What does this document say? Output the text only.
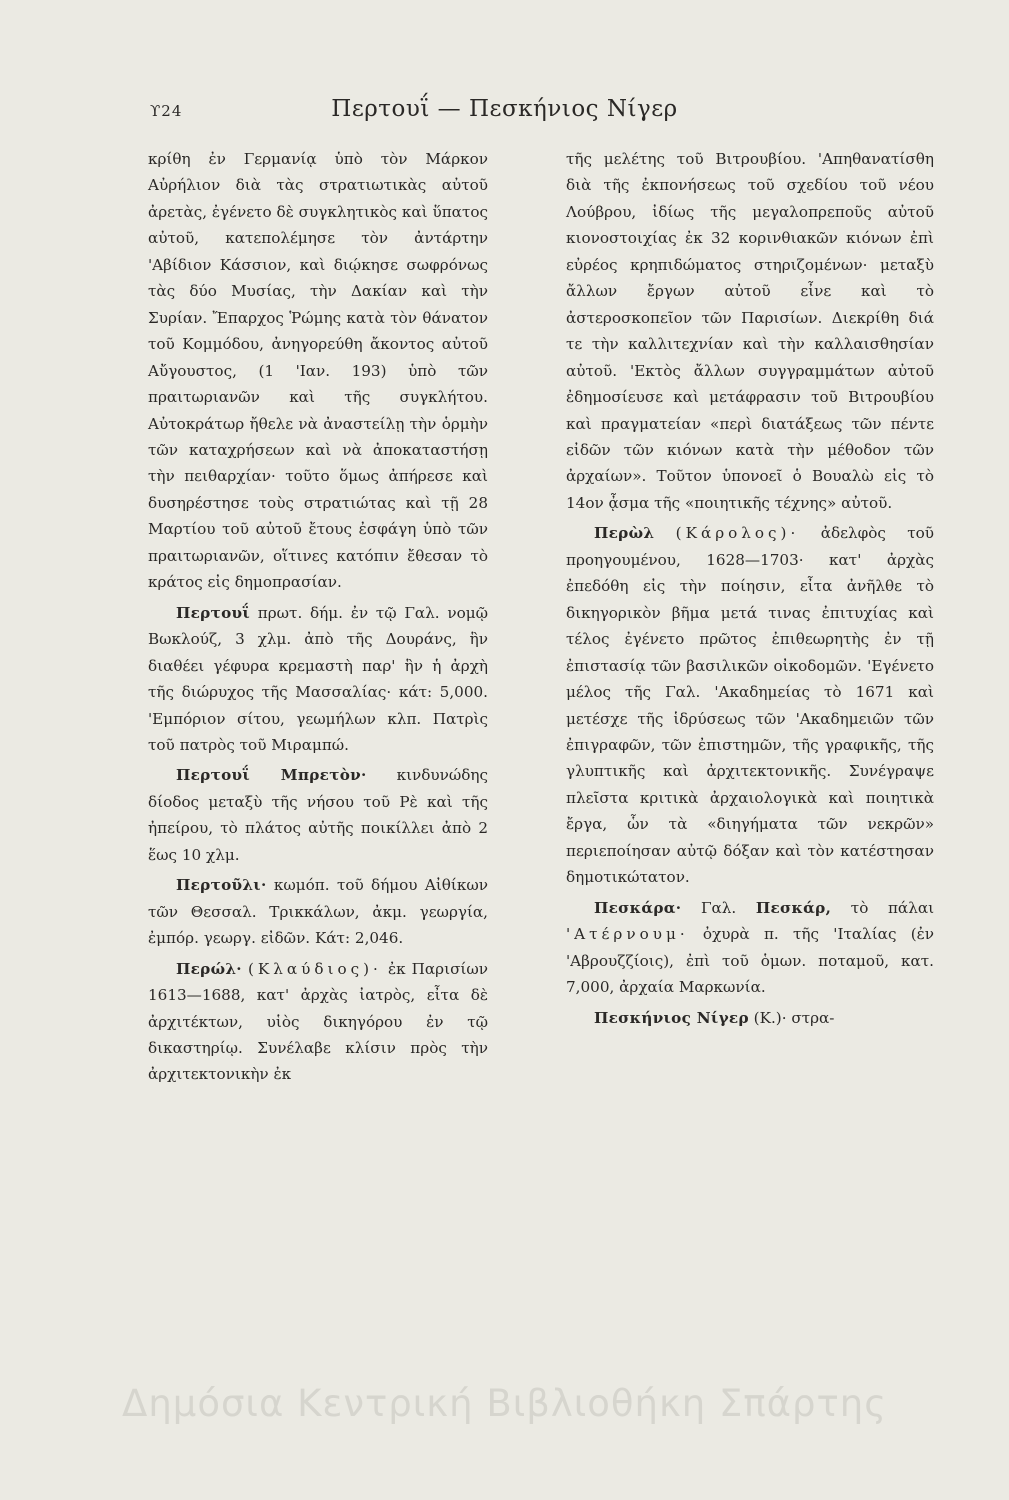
ϒ24	Περτουΐ — Πεσκήνιος Νίγερ

κρίθη ἐν Γερμανίᾳ ὑπὸ τὸν Μάρκον Αὐρήλιον διὰ τὰς στρατιωτικὰς αὐτοῦ ἀρετὰς, ἐγένετο δὲ συγκλητικὸς καὶ ὕπατος αὐτοῦ, κατεπολέμησε τὸν ἀντάρτην 'Αβίδιον Κάσσιον, καὶ διῴκησε σωφρόνως τὰς δύο Μυσίας, τὴν Δακίαν καὶ τὴν Συρίαν. Ἔπαρχος Ῥώμης κατὰ τὸν θάνατον τοῦ Κομμόδου, ἀνηγορεύθη ἄκοντος αὐτοῦ Αὔγουστος, (1 'Ιαν. 193) ὑπὸ τῶν πραιτωριανῶν καὶ τῆς συγκλήτου. Αὐτοκράτωρ ἤθελε νὰ ἀναστείλῃ τὴν ὁρμὴν τῶν καταχρήσεων καὶ νὰ ἀποκαταστήσῃ τὴν πειθαρχίαν· τοῦτο ὅμως ἀπήρεσε καὶ δυσηρέστησε τοὺς στρατιώτας καὶ τῇ 28 Μαρτίου τοῦ αὐτοῦ ἔτους ἐσφάγη ὑπὸ τῶν πραιτωριανῶν, οἵτινες κατόπιν ἔθεσαν τὸ κράτος εἰς δημοπρασίαν.

Περτουΐ πρωτ. δήμ. ἐν τῷ Γαλ. νομῷ Βωκλούζ, 3 χλμ. ἀπὸ τῆς Δουράνς, ἣν διαθέει γέφυρα κρεμαστὴ παρ' ἣν ἡ ἀρχὴ τῆς διώρυχος τῆς Μασσαλίας· κάτ: 5,000. 'Εμπόριον σίτου, γεωμήλων κλπ. Πατρὶς τοῦ πατρὸς τοῦ Μιραμπώ.

Περτουΐ Μπρετὸν· κινδυνώδης δίοδος μεταξὺ τῆς νήσου τοῦ Ρὲ καὶ τῆς ἠπείρου, τὸ πλάτος αὐτῆς ποικίλλει ἀπὸ 2 ἕως 10 χλμ.

Περτοῦλι· κωμόπ. τοῦ δήμου Αἰθίκων τῶν Θεσσαλ. Τρικκάλων, ἀκμ. γεωργία, ἐμπόρ. γεωργ. εἰδῶν. Κάτ: 2,046.

Περώλ· (Κλαύδιος)· ἐκ Παρισίων 1613—1688, κατ' ἀρχὰς ἰατρὸς, εἶτα δὲ ἀρχιτέκτων, υἱὸς δικηγόρου ἐν τῷ δικαστηρίῳ. Συνέλαβε κλίσιν πρὸς τὴν ἀρχιτεκτονικὴν ἐκ

τῆς μελέτης τοῦ Βιτρουβίου. 'Απηθανατίσθη διὰ τῆς ἐκπονήσεως τοῦ σχεδίου τοῦ νέου Λούβρου, ἰδίως τῆς μεγαλοπρεποῦς αὐτοῦ κιονοστοιχίας ἐκ 32 κορινθιακῶν κιόνων ἐπὶ εὐρέος κρηπιδώματος στηριζομένων· μεταξὺ ἄλλων ἔργων αὐτοῦ εἶνε καὶ τὸ ἀστεροσκοπεῖον τῶν Παρισίων. Διεκρίθη διά τε τὴν καλλιτεχνίαν καὶ τὴν καλλαισθησίαν αὐτοῦ. 'Εκτὸς ἄλλων συγγραμμάτων αὐτοῦ ἐδημοσίευσε καὶ μετάφρασιν τοῦ Βιτρουβίου καὶ πραγματείαν «περὶ διατάξεως τῶν πέντε εἰδῶν τῶν κιόνων κατὰ τὴν μέθοδον τῶν ἀρχαίων». Τοῦτον ὑπονοεῖ ὁ Βουαλὼ εἰς τὸ 14ον ᾆσμα τῆς «ποιητικῆς τέχνης» αὐτοῦ.

Περὼλ (Κάρολος)· ἀδελφὸς τοῦ προηγουμένου, 1628—1703· κατ' ἀρχὰς ἐπεδόθη εἰς τὴν ποίησιν, εἶτα ἀνῆλθε τὸ δικηγορικὸν βῆμα μετά τινας ἐπιτυχίας καὶ τέλος ἐγένετο πρῶτος ἐπιθεωρητὴς ἐν τῇ ἐπιστασίᾳ τῶν βασιλικῶν οἰκοδομῶν. 'Εγένετο μέλος τῆς Γαλ. 'Ακαδημείας τὸ 1671 καὶ μετέσχε τῆς ἱδρύσεως τῶν 'Ακαδημειῶν τῶν ἐπιγραφῶν, τῶν ἐπιστημῶν, τῆς γραφικῆς, τῆς γλυπτικῆς καὶ ἀρχιτεκτονικῆς. Συνέγραψε πλεῖστα κριτικὰ ἀρχαιολογικὰ καὶ ποιητικὰ ἔργα, ὧν τὰ «διηγήματα τῶν νεκρῶν» περιεποίησαν αὐτῷ δόξαν καὶ τὸν κατέστησαν δημοτικώτατον.

Πεσκάρα· Γαλ. Πεσκάρ, τὸ πάλαι 'Ατέρνουμ· ὀχυρὰ π. τῆς 'Ιταλίας (ἐν 'Αβρουζζίοις), ἐπὶ τοῦ ὁμων. ποταμοῦ, κατ. 7,000, ἀρχαία Μαρκωνία.

Πεσκήνιος Νίγερ (Κ.)· στρα-

Δημόσια Κεντρική Βιβλιοθήκη Σπάρτης
